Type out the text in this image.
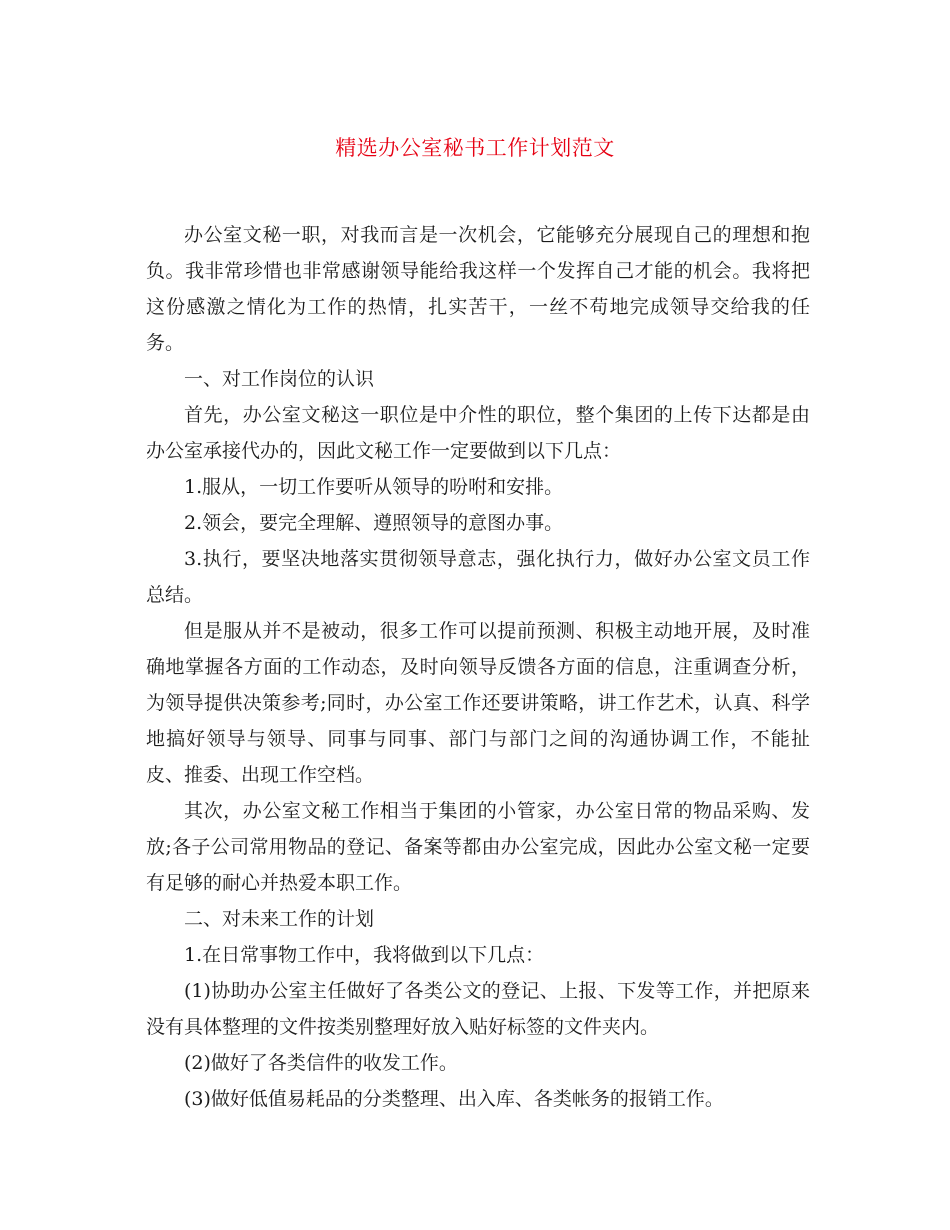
精选办公室秘书工作计划范文

办公室文秘一职，对我而言是一次机会，它能够充分展现自己的理想和抱负。我非常珍惜也非常感谢领导能给我这样一个发挥自己才能的机会。我将把这份感激之情化为工作的热情，扎实苦干，一丝不苟地完成领导交给我的任务。

一、对工作岗位的认识

首先，办公室文秘这一职位是中介性的职位，整个集团的上传下达都是由办公室承接代办的，因此文秘工作一定要做到以下几点：

1.服从，一切工作要听从领导的吩咐和安排。

2.领会，要完全理解、遵照领导的意图办事。

3.执行，要坚决地落实贯彻领导意志，强化执行力，做好办公室文员工作总结。

但是服从并不是被动，很多工作可以提前预测、积极主动地开展，及时准确地掌握各方面的工作动态，及时向领导反馈各方面的信息，注重调查分析，为领导提供决策参考;同时，办公室工作还要讲策略，讲工作艺术，认真、科学地搞好领导与领导、同事与同事、部门与部门之间的沟通协调工作，不能扯皮、推委、出现工作空档。

其次，办公室文秘工作相当于集团的小管家，办公室日常的物品采购、发放;各子公司常用物品的登记、备案等都由办公室完成，因此办公室文秘一定要有足够的耐心并热爱本职工作。

二、对未来工作的计划

1.在日常事物工作中，我将做到以下几点：

(1)协助办公室主任做好了各类公文的登记、上报、下发等工作，并把原来没有具体整理的文件按类别整理好放入贴好标签的文件夹内。

(2)做好了各类信件的收发工作。

(3)做好低值易耗品的分类整理、出入库、各类帐务的报销工作。
